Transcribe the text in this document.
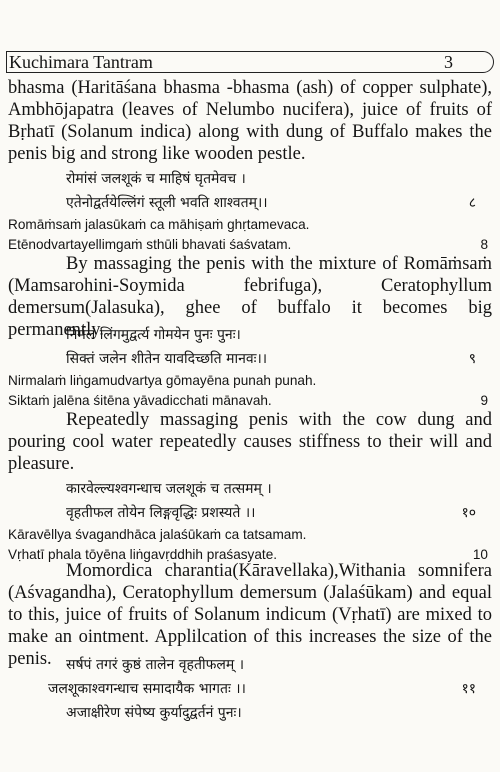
Kuchimara Tantram	3

bhasma (Haritāśana bhasma -bhasma (ash) of copper sulphate), Ambhōjapatra (leaves of Nelumbo nucifera), juice of fruits of Bṛhatī (Solanum indica) along with dung of Buffalo makes the penis big and strong like wooden pestle.

रोमांसं जलशूकं च माहिषं घृतमेवच ।
एतेनोद्वर्तयेल्लिंगं स्तूली भवति शाश्वतम्।।	८
Romāṁsaṁ jalasūkaṁ ca māhiṣaṁ ghṛtamevaca.
Etēnodvartayellimgaṁ sthūli bhavati śaśvatam.	8

By massaging the penis with the mixture of Romāṁsaṁ (Mamsarohini-Soymida febrifuga), Ceratophyllum demersum(Jalasuka), ghee of buffalo it becomes big permanently.

निर्मलं लिंगमुद्वर्त्य गोमयेन पुनः पुनः।
सिक्तं जलेन शीतेन यावदिच्छति मानवः।।	९
Nirmalaṁ liṅgamudvartya gōmayēna punah punah.
Siktaṁ jalēna śitēna yāvadicchati mānavah.	9

Repeatedly massaging penis with the cow dung and pouring cool water repeatedly causes stiffness to their will and pleasure.

कारवेल्ल्यश्वगन्धाच जलशूकं च तत्समम् ।
वृहतीफल तोयेन लिङ्गवृद्धिः प्रशस्यते ।।	१०
Kāravēllya śvagandhāca jalaśūkaṁ ca tatsamam.
Vṛhatī phala tōyēna liṅgavṛddhih praśasyate.	10

Momordica charantia(Kāravellaka),Withania somnifera (Aśvagandha), Ceratophyllum demersum (Jalaśūkam) and equal to this, juice of fruits of Solanum indicum (Vṛhatī) are mixed to make an ointment. Applilcation of this increases the size of the penis.	सर्षपं तगरं कुष्ठं तालेन वृहतीफलम् ।
जलशूकाश्वगन्धाच समादायैक भागतः ।।	११
अजाक्षीरेण संपेष्य कुर्यादुद्वर्तनं पुनः।
